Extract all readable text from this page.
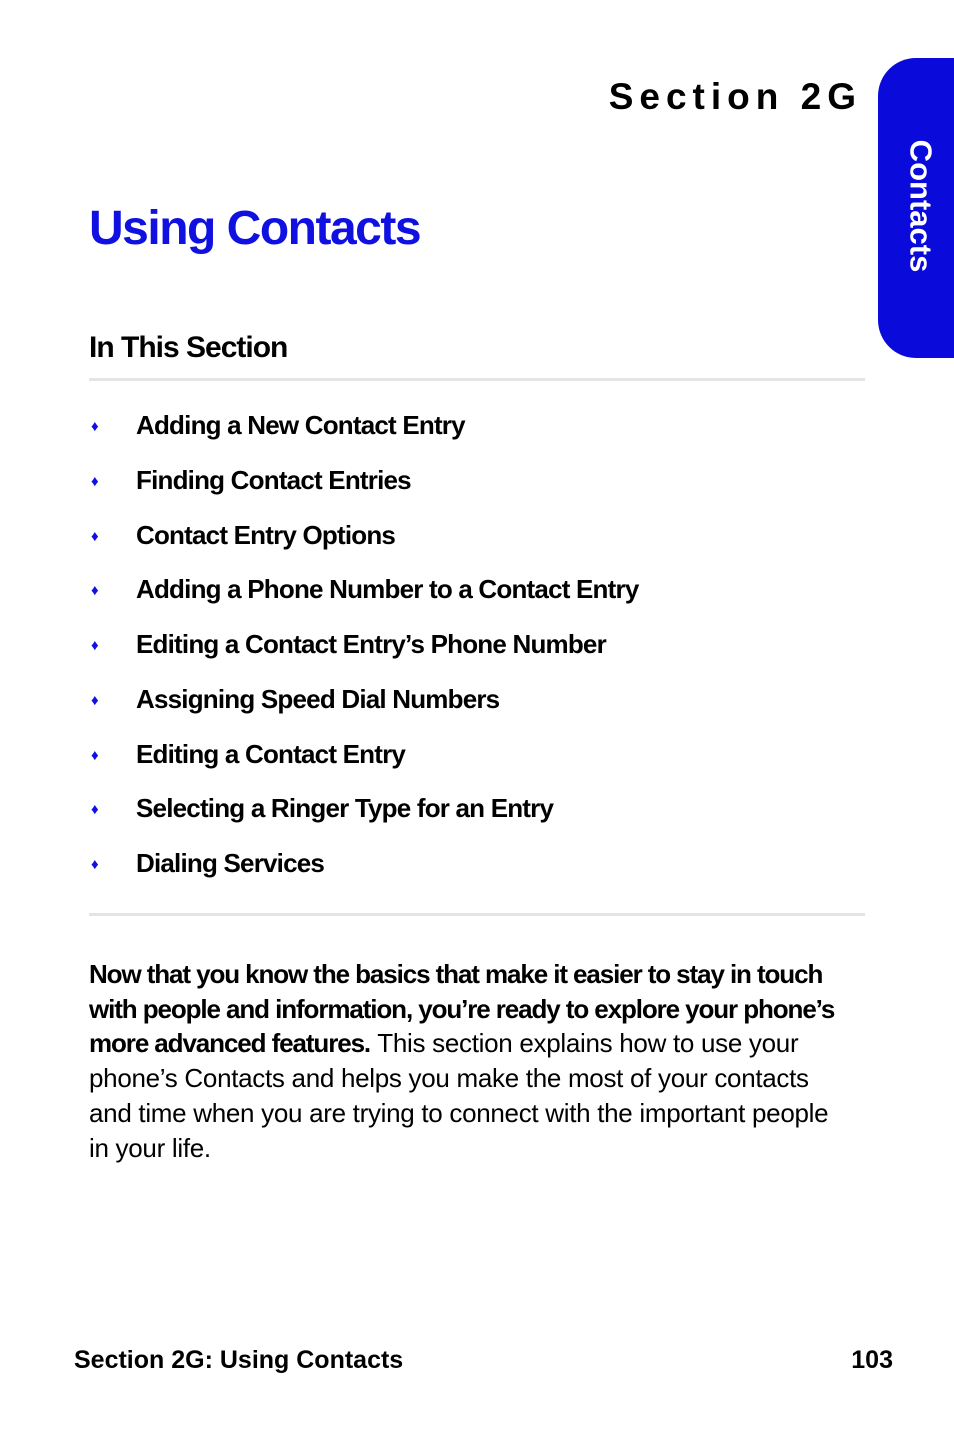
Section 2G
Contacts
Using Contacts
In This Section
♦ Adding a New Contact Entry
♦ Finding Contact Entries
♦ Contact Entry Options
♦ Adding a Phone Number to a Contact Entry
♦ Editing a Contact Entry’s Phone Number
♦ Assigning Speed Dial Numbers
♦ Editing a Contact Entry
♦ Selecting a Ringer Type for an Entry
♦ Dialing Services

Now that you know the basics that make it easier to stay in touch with people and information, you’re ready to explore your phone’s more advanced features. This section explains how to use your phone’s Contacts and helps you make the most of your contacts and time when you are trying to connect with the important people in your life.

Section 2G: Using Contacts	103
